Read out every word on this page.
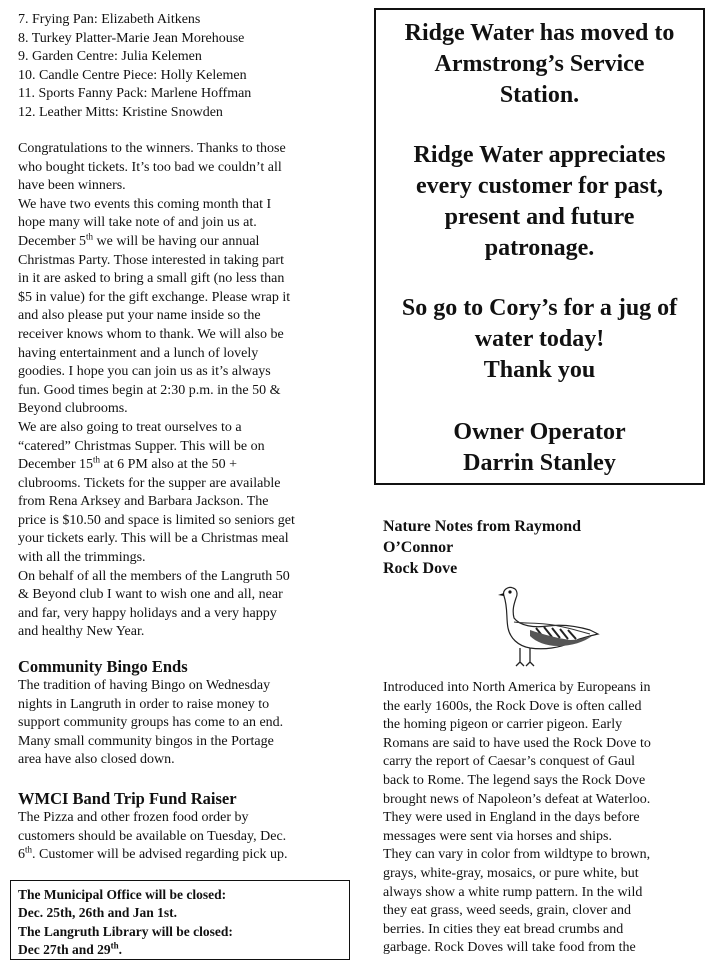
7. Frying Pan: Elizabeth Aitkens
8. Turkey Platter-Marie Jean Morehouse
9. Garden Centre: Julia Kelemen
10. Candle Centre Piece: Holly Kelemen
11. Sports Fanny Pack: Marlene Hoffman
12. Leather Mitts: Kristine Snowden
Congratulations to the winners. Thanks to those
who bought tickets. It’s too bad we couldn’t all
have been winners.
We have two events this coming month that I
hope many will take note of and join us at.
December 5th we will be having our annual
Christmas Party. Those interested in taking part
in it are asked to bring a small gift (no less than
$5 in value) for the gift exchange. Please wrap it
and also please put your name inside so the
receiver knows whom to thank. We will also be
having entertainment and a lunch of lovely
goodies. I hope you can join us as it’s always
fun. Good times begin at 2:30 p.m. in the 50 &
Beyond clubrooms.
We are also going to treat ourselves to a
“catered” Christmas Supper. This will be on
December 15th at 6 PM also at the 50 +
clubrooms. Tickets for the supper are available
from Rena Arksey and Barbara Jackson. The
price is $10.50 and space is limited so seniors get
your tickets early. This will be a Christmas meal
with all the trimmings.
On behalf of all the members of the Langruth 50
& Beyond club I want to wish one and all, near
and far, very happy holidays and a very happy
and healthy New Year.
Community Bingo Ends
The tradition of having Bingo on Wednesday
nights in Langruth in order to raise money to
support community groups has come to an end.
Many small community bingos in the Portage
area have also closed down.
WMCI Band Trip Fund Raiser
The Pizza and other frozen food order by
customers should be available on Tuesday, Dec.
6th. Customer will be advised regarding pick up.
The Municipal Office will be closed:
Dec. 25th, 26th and Jan 1st.
The Langruth Library will be closed:
Dec 27th and 29th.
Ridge Water has moved to
Armstrong’s Service
Station.
Ridge Water appreciates
every customer for past,
present and future
patronage.
So go to Cory’s for a jug of
water today!
Thank you
Owner Operator
Darrin Stanley
Nature Notes from Raymond
O’Connor
Rock Dove
Introduced into North America by Europeans in
the early 1600s, the Rock Dove is often called
the homing pigeon or carrier pigeon. Early
Romans are said to have used the Rock Dove to
carry the report of Caesar’s conquest of Gaul
back to Rome. The legend says the Rock Dove
brought news of Napoleon’s defeat at Waterloo.
They were used in England in the days before
messages were sent via horses and ships.
They can vary in color from wildtype to brown,
grays, white-gray, mosaics, or pure white, but
always show a white rump pattern. In the wild
they eat grass, weed seeds, grain, clover and
berries. In cities they eat bread crumbs and
garbage. Rock Doves will take food from the
